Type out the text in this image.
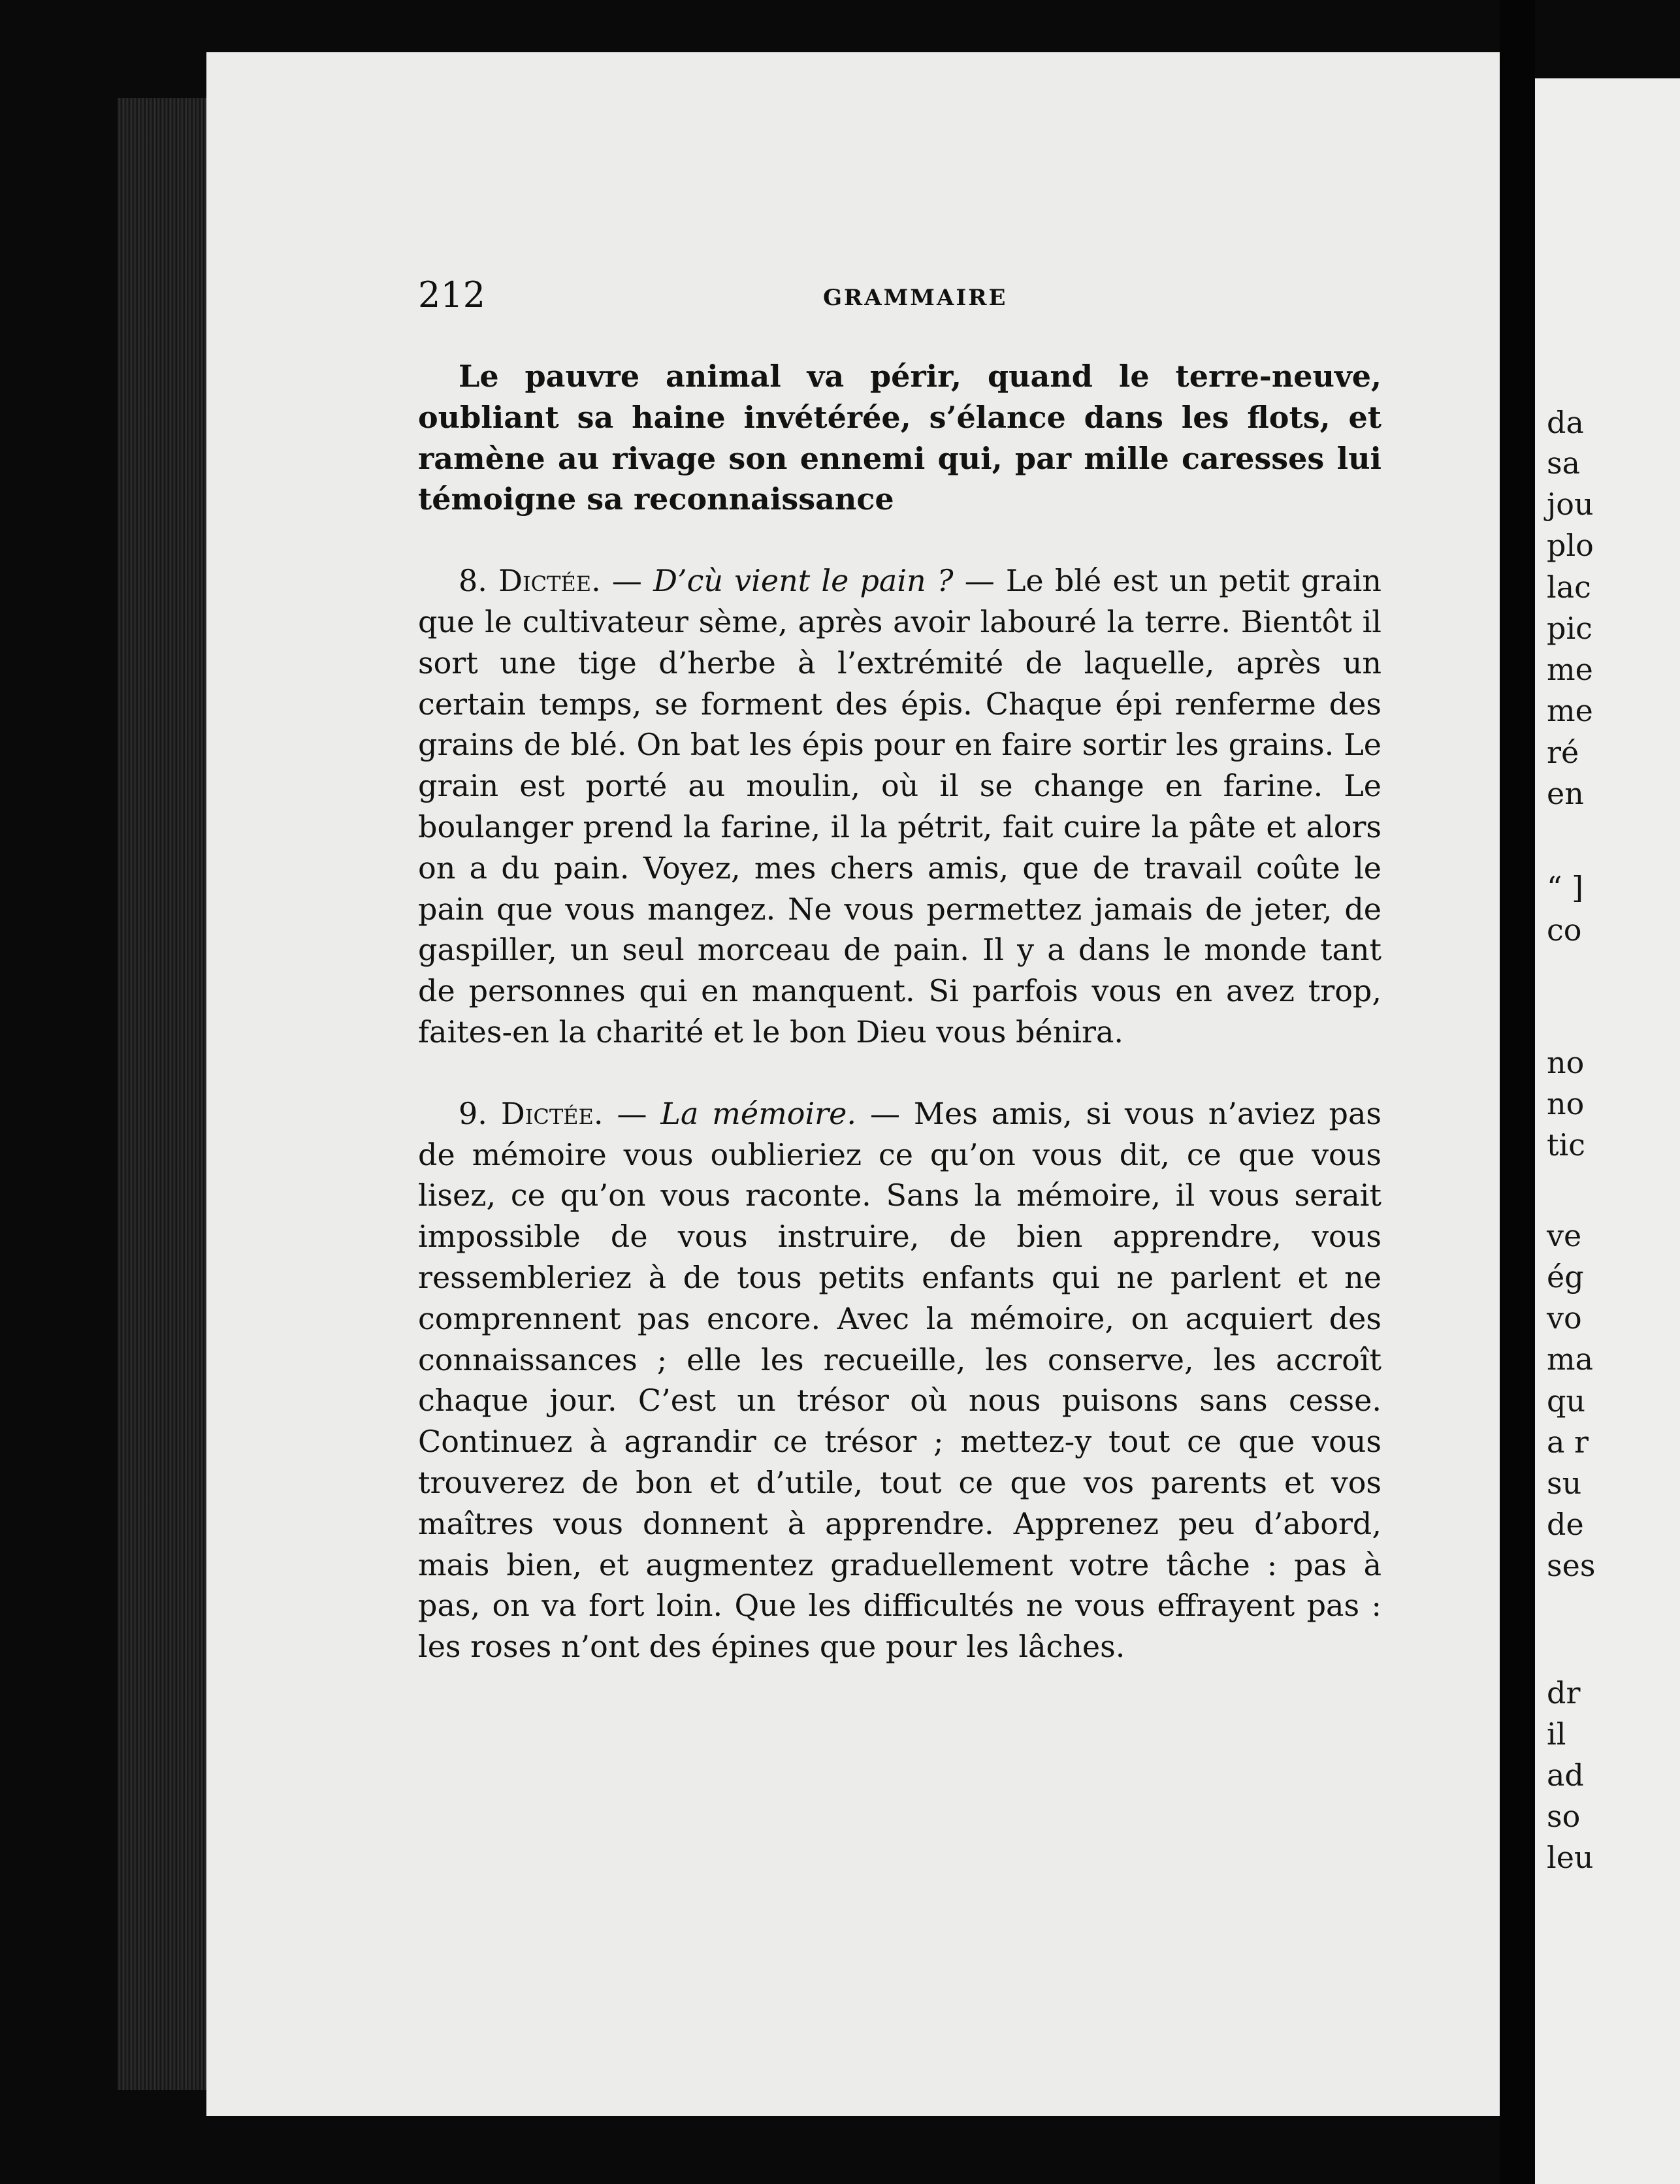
212	GRAMMAIRE

Le pauvre animal va périr, quand le terre-neuve, oubliant sa haine invétérée, s’élance dans les flots, et ramène au rivage son ennemi qui, par mille caresses lui témoigne sa reconnaissance

8. Dictée. — D’cù vient le pain ? — Le blé est un petit grain que le cultivateur sème, après avoir labouré la terre. Bientôt il sort une tige d’herbe à l’extrémité de laquelle, après un certain temps, se forment des épis. Chaque épi renferme des grains de blé. On bat les épis pour en faire sortir les grains. Le grain est porté au moulin, où il se change en farine. Le boulanger prend la farine, il la pétrit, fait cuire la pâte et alors on a du pain. Voyez, mes chers amis, que de travail coûte le pain que vous mangez. Ne vous permettez jamais de jeter, de gaspiller, un seul morceau de pain. Il y a dans le monde tant de personnes qui en manquent. Si parfois vous en avez trop, faites-en la charité et le bon Dieu vous bénira.

9. Dictée. — La mémoire. — Mes amis, si vous n’aviez pas de mémoire vous oublieriez ce qu’on vous dit, ce que vous lisez, ce qu’on vous raconte. Sans la mémoire, il vous serait impossible de vous instruire, de bien apprendre, vous ressembleriez à de tous petits enfants qui ne parlent et ne comprennent pas encore. Avec la mémoire, on acquiert des connaissances ; elle les recueille, les conserve, les accroît chaque jour. C’est un trésor où nous puisons sans cesse. Continuez à agrandir ce trésor ; mettez-y tout ce que vous trouverez de bon et d’utile, tout ce que vos parents et vos maîtres vous donnent à apprendre. Apprenez peu d’abord, mais bien, et augmentez graduellement votre tâche : pas à pas, on va fort loin. Que les difficultés ne vous effrayent pas : les roses n’ont des épines que pour les lâches.

da
sa
jou
plo
lac
pic
me
me
ré
en
“ ]
co
no
no
tic
ve
ég
vo
ma
qu
a r
su
de
ses
dr
il
ad
so
leu
